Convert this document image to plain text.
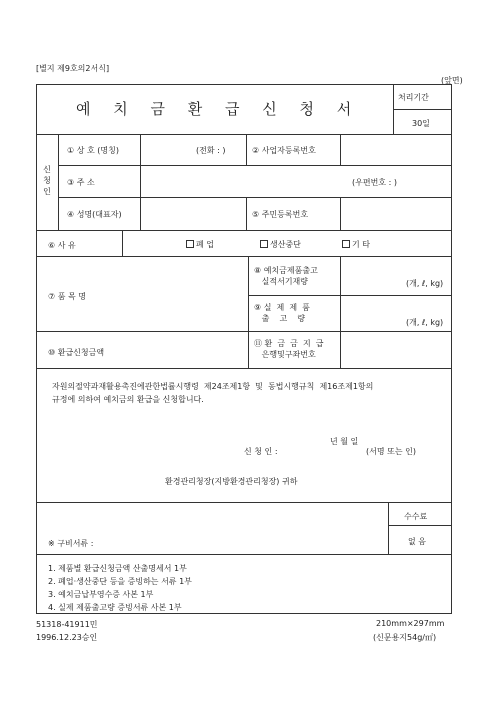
[별지 제9호의2서식]
(앞면)
예 치 금 환 급 신 청 서
처리기간
30일
신청인
① 상 호 (명칭)	(전화 : )	② 사업자등록번호
③ 주 소	(우편번호 : )
④ 성명(대표자)	⑤ 주민등록번호
⑥ 사 유	폐 업	생산중단	기 타
⑦ 품 목 명
⑧ 예치금제품출고
실적서기재량	(개, ℓ, kg)
⑨ 실  제  제  품
출    고    량	(개, ℓ, kg)
⑩ 환급신청금액
⑪ 환  금  금  지  급
은행및구좌번호
자원의절약과재활용촉진에관한법률시행령  제24조제1항  및  동법시행규칙  제16조제1항의
규정에 의하여 예치금의 환급을 신청합니다.
년 월 일
신 청 인 :	(서명 또는 인)
환경관리청장(지방환경관리청장) 귀하
수수료
없 음
※ 구비서류 :
1. 제품별 환급신청금액 산출명세서 1부
2. 폐업·생산중단 등을 증빙하는 서류 1부
3. 예치금납부영수증 사본 1부
4. 실제 제품출고량 증빙서류 사본 1부
51318-41911민
1996.12.23승인
210mm×297mm
(신문용지54g/㎡)
